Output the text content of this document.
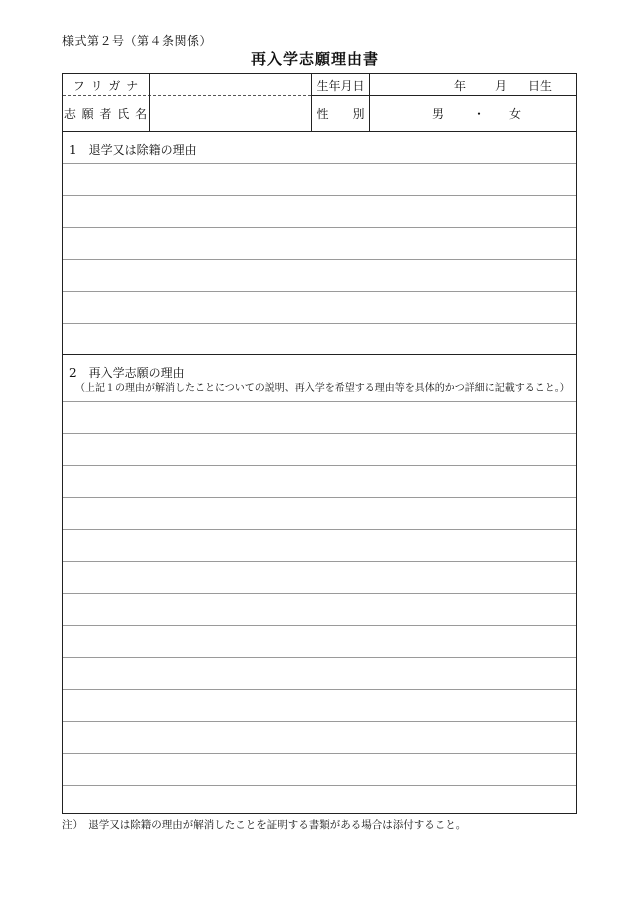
様式第２号（第４条関係）
再入学志願理由書
フ リ ガ ナ
志 願 者 氏 名
生年月日	年 月 日生
性　　別	男 ・ 女
1　退学又は除籍の理由
2　再入学志願の理由
（上記１の理由が解消したことについての説明、再入学を希望する理由等を具体的かつ詳細に記載すること。）
注）　退学又は除籍の理由が解消したことを証明する書類がある場合は添付すること。
